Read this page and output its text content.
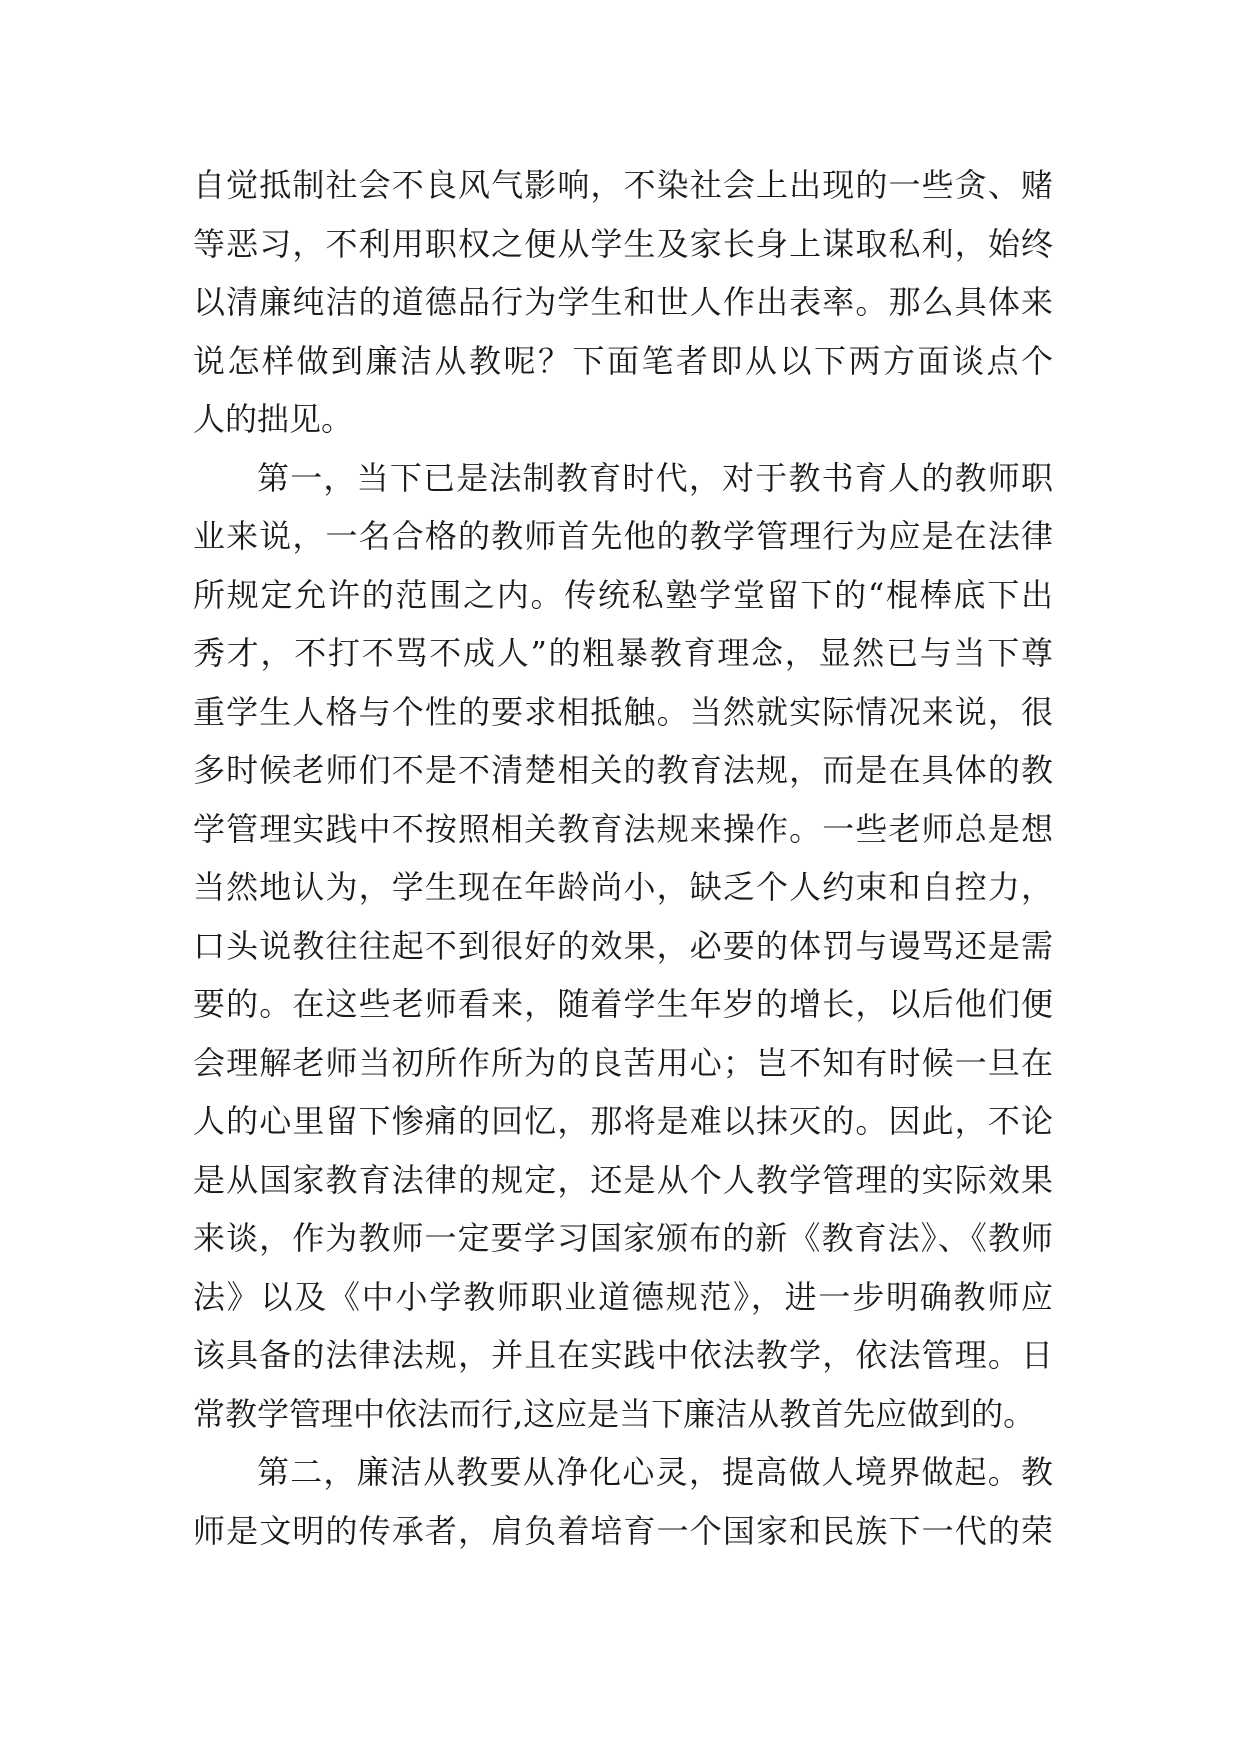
自觉抵制社会不良风气影响，不染社会上出现的一些贪、赌
等恶习，不利用职权之便从学生及家长身上谋取私利，始终
以清廉纯洁的道德品行为学生和世人作出表率。那么具体来
说怎样做到廉洁从教呢？下面笔者即从以下两方面谈点个
人的拙见。
第一，当下已是法制教育时代，对于教书育人的教师职
业来说，一名合格的教师首先他的教学管理行为应是在法律
所规定允许的范围之内。传统私塾学堂留下的“棍棒底下出
秀才，不打不骂不成人”的粗暴教育理念，显然已与当下尊
重学生人格与个性的要求相抵触。当然就实际情况来说，很
多时候老师们不是不清楚相关的教育法规，而是在具体的教
学管理实践中不按照相关教育法规来操作。一些老师总是想
当然地认为，学生现在年龄尚小，缺乏个人约束和自控力，
口头说教往往起不到很好的效果，必要的体罚与谩骂还是需
要的。在这些老师看来，随着学生年岁的增长，以后他们便
会理解老师当初所作所为的良苦用心；岂不知有时候一旦在
人的心里留下惨痛的回忆，那将是难以抹灭的。因此，不论
是从国家教育法律的规定，还是从个人教学管理的实际效果
来谈，作为教师一定要学习国家颁布的新《教育法》、《教师
法》以及《中小学教师职业道德规范》，进一步明确教师应
该具备的法律法规，并且在实践中依法教学，依法管理。日
常教学管理中依法而行,这应是当下廉洁从教首先应做到的。
第二，廉洁从教要从净化心灵，提高做人境界做起。教
师是文明的传承者，肩负着培育一个国家和民族下一代的荣
